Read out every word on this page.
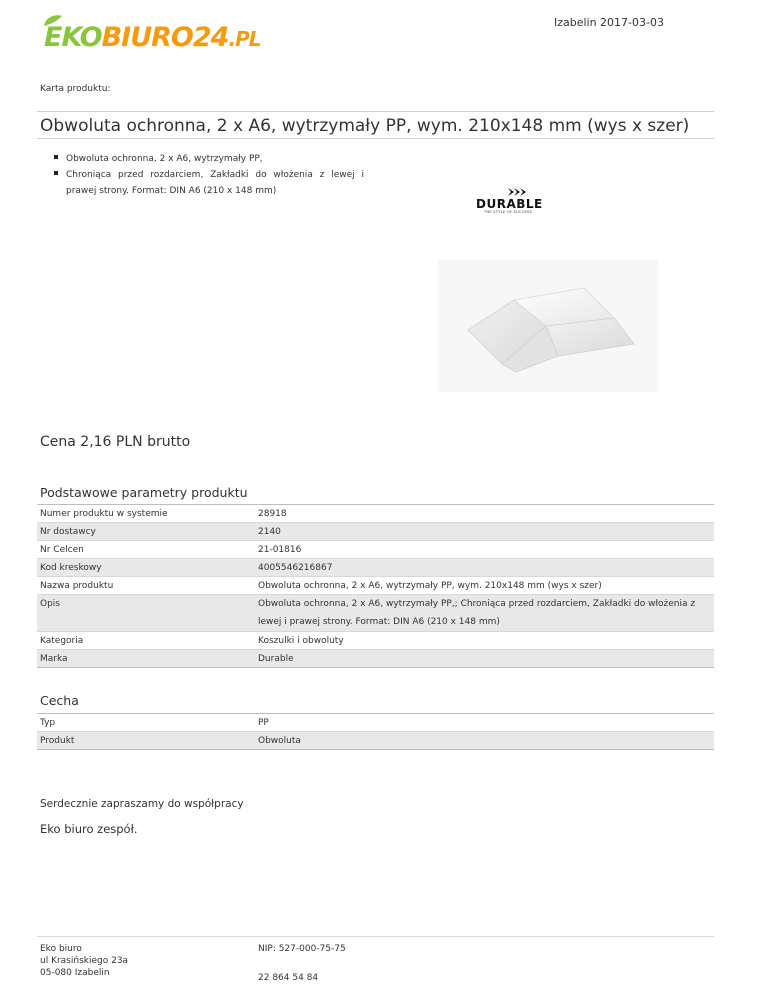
EKOBIURO24.PL
Izabelin 2017-03-03
Karta produktu:
Obwoluta ochronna, 2 x A6, wytrzymały PP, wym. 210x148 mm (wys x szer)
Obwoluta ochronna, 2 x A6, wytrzymały PP,
Chroniąca przed rozdarciem, Zakładki do włożenia z lewej i prawej strony. Format: DIN A6 (210 x 148 mm)
DURABLE
THE STYLE OF SUCCESS
Cena 2,16 PLN brutto
Podstawowe parametry produktu
Numer produktu w systemie	28918
Nr dostawcy	2140
Nr Celcen	21-01816
Kod kreskowy	4005546216867
Nazwa produktu	Obwoluta ochronna, 2 x A6, wytrzymały PP, wym. 210x148 mm (wys x szer)
Opis	Obwoluta ochronna, 2 x A6, wytrzymały PP,; Chroniąca przed rozdarciem, Zakładki do włożenia z lewej i prawej strony. Format: DIN A6 (210 x 148 mm)
Kategoria	Koszulki i obwoluty
Marka	Durable
Cecha
Typ	PP
Produkt	Obwoluta
Serdecznie zapraszamy do współpracy
Eko biuro zespół.
Eko biuro
ul Krasińskiego 23a
05-080 Izabelin
NIP: 527-000-75-75
22 864 54 84
